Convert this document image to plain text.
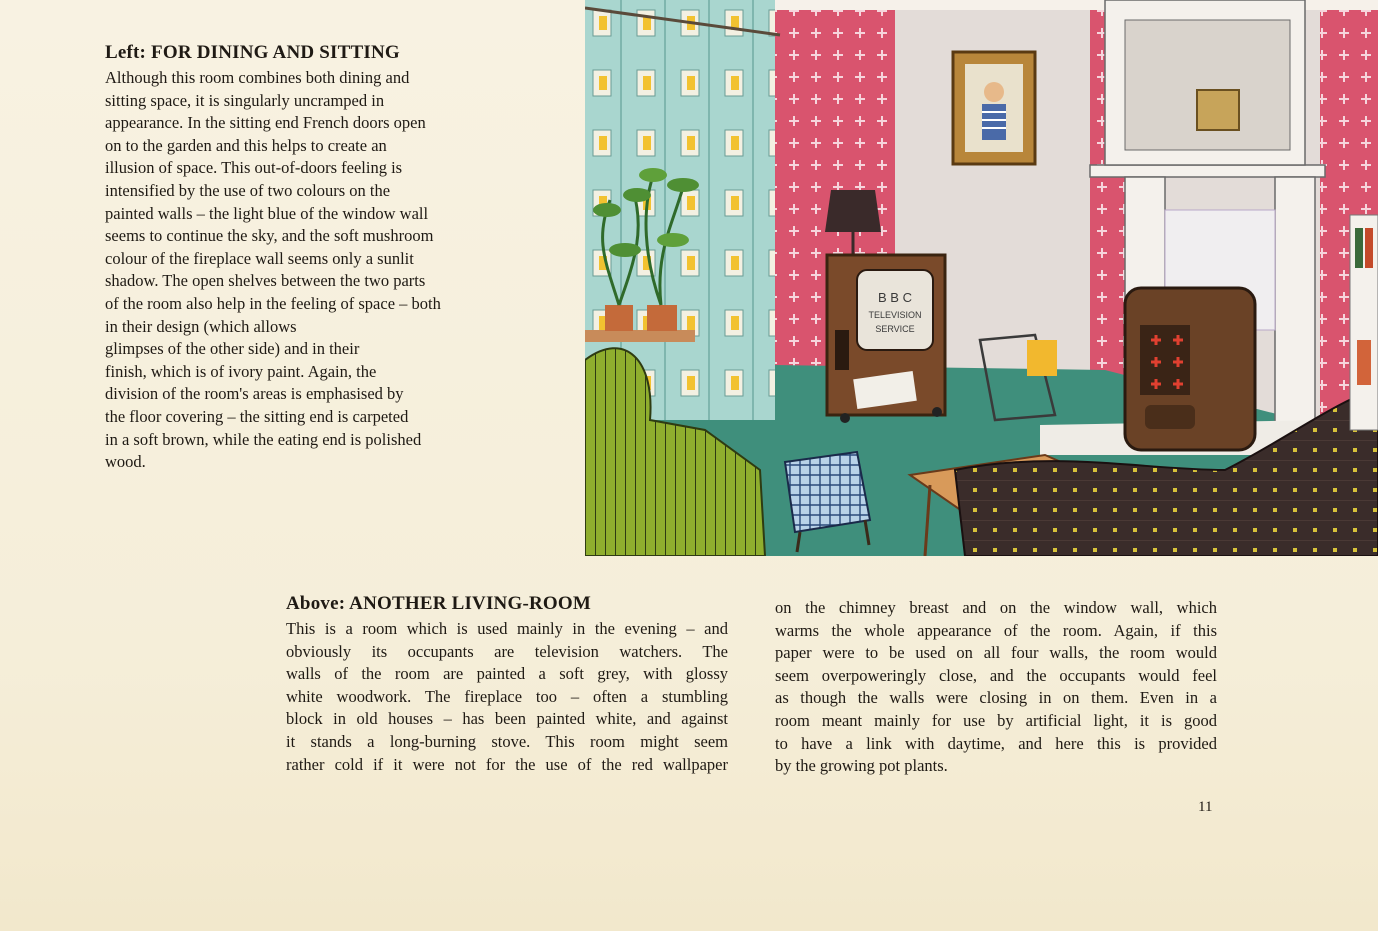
Left: FOR DINING AND SITTING

Although this room combines both dining and
sitting space, it is singularly uncramped in
appearance. In the sitting end French doors open
on to the garden and this helps to create an
illusion of space. This out-of-doors feeling is
intensified by the use of two colours on the
painted walls – the light blue of the window wall
seems to continue the sky, and the soft mushroom
colour of the fireplace wall seems only a sunlit
shadow. The open shelves between the two parts
of the room also help in the feeling of space – both
in their design (which allows
glimpses of the other side) and in their
finish, which is of ivory paint. Again, the
division of the room's areas is emphasised by
the floor covering – the sitting end is carpeted
in a soft brown, while the eating end is polished
wood.

B B C
TELEVISION
SERVICE
Above: ANOTHER LIVING-ROOM

This is a room which is used mainly in the evening – and
obviously its occupants are television watchers. The
walls of the room are painted a soft grey, with glossy
white woodwork. The fireplace too – often a stumbling
block in old houses – has been painted white, and against
it stands a long-burning stove. This room might seem
rather cold if it were not for the use of the red wallpaper

on the chimney breast and on the window wall, which
warms the whole appearance of the room. Again, if this
paper were to be used on all four walls, the room would
seem overpoweringly close, and the occupants would feel
as though the walls were closing in on them. Even in a
room meant mainly for use by artificial light, it is good
to have a link with daytime, and here this is provided
by the growing pot plants.

11
